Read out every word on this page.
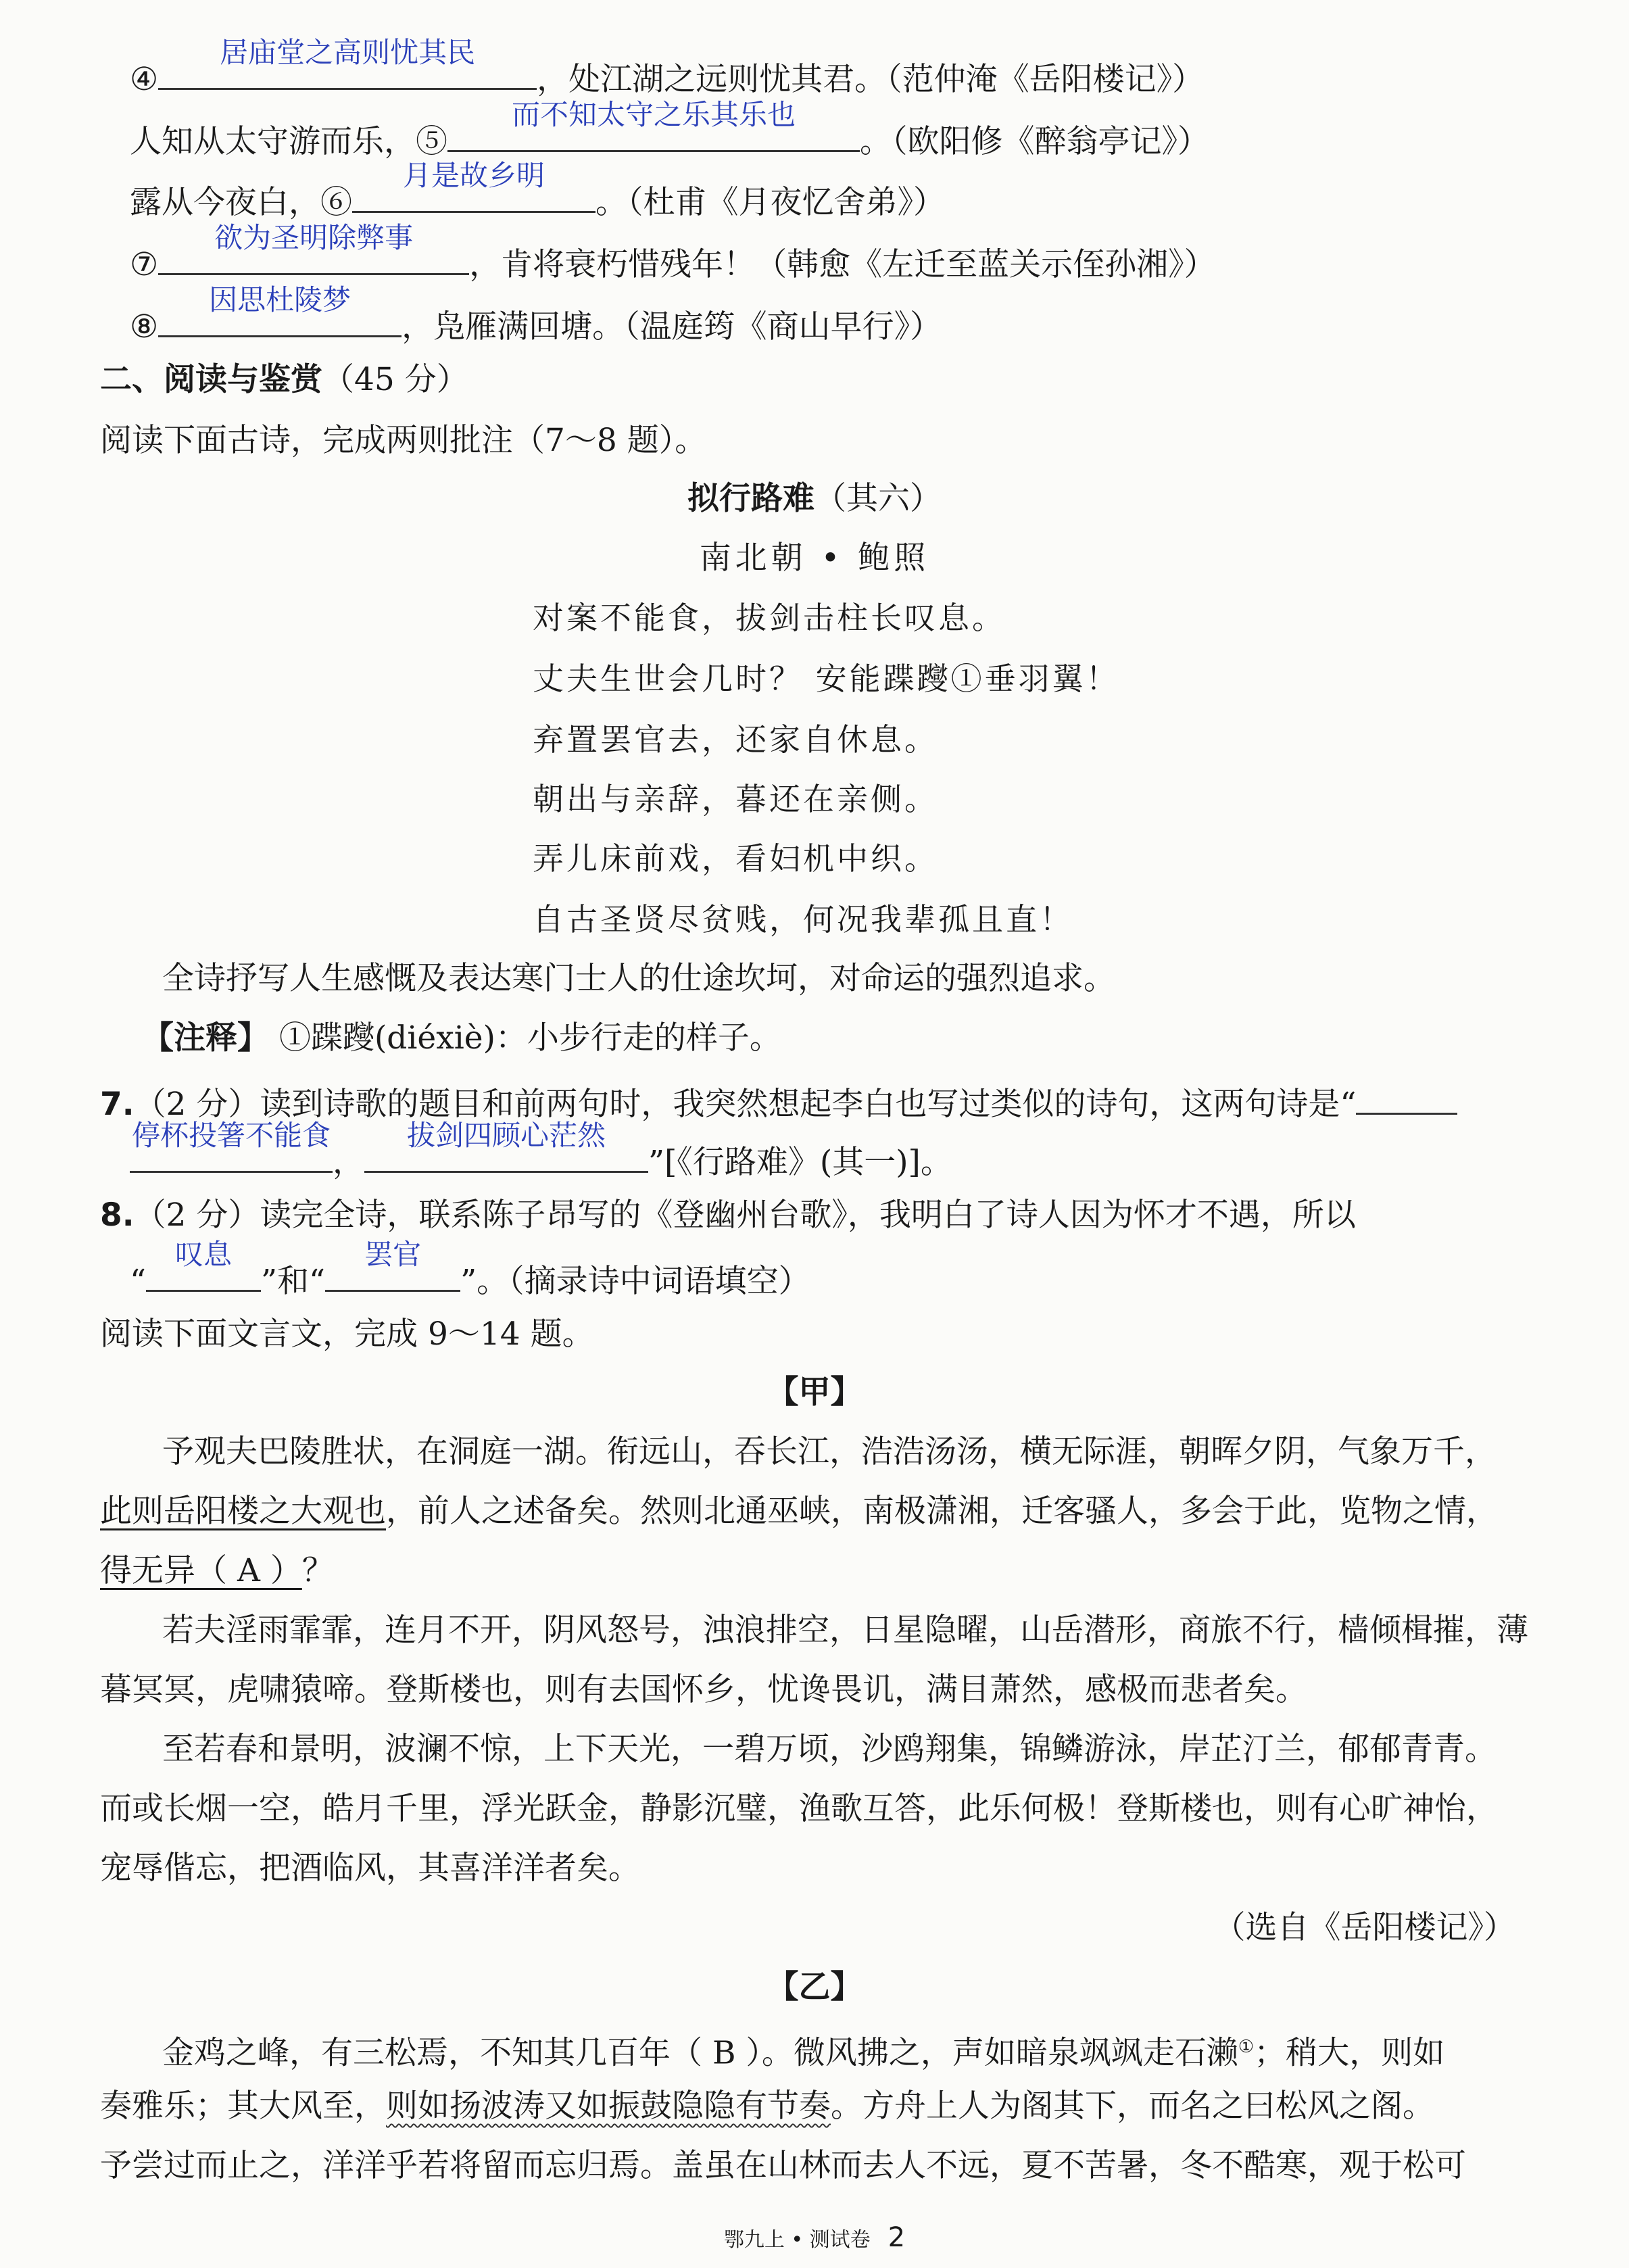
④
居庙堂之高则忧其民
，处江湖之远则忧其君。（范仲淹《岳阳楼记》）
人知从太守游而乐，⑤
而不知太守之乐其乐也
。（欧阳修《醉翁亭记》）
露从今夜白，⑥
月是故乡明
。（杜甫《月夜忆舍弟》）
⑦
欲为圣明除弊事
，肯将衰朽惜残年！（韩愈《左迁至蓝关示侄孙湘》）
⑧
因思杜陵梦
，凫雁满回塘。（温庭筠《商山早行》）
二、阅读与鉴赏（45 分）
阅读下面古诗，完成两则批注（7～8 题）。
拟行路难（其六）
南北朝 • 鲍照
对案不能食，拔剑击柱长叹息。
丈夫生世会几时？ 安能蹀躞①垂羽翼！
弃置罢官去，还家自休息。
朝出与亲辞，暮还在亲侧。
弄儿床前戏，看妇机中织。
自古圣贤尽贫贱，何况我辈孤且直！
全诗抒写人生感慨及表达寒门士人的仕途坎坷，对命运的强烈追求。
【注释】 ①蹀躞(diéxiè)：小步行走的样子。
7.（2 分）读到诗歌的题目和前两句时，我突然想起李白也写过类似的诗句，这两句诗是“
停杯投箸不能食
，
拔剑四顾心茫然
”[《行路难》(其一)]。
8.（2 分）读完全诗，联系陈子昂写的《登幽州台歌》，我明白了诗人因为怀才不遇，所以
“
叹息
”和“
罢官
”。（摘录诗中词语填空）
阅读下面文言文，完成 9～14 题。
【甲】
予观夫巴陵胜状，在洞庭一湖。衔远山，吞长江，浩浩汤汤，横无际涯，朝晖夕阴，气象万千，
此则岳阳楼之大观也，前人之述备矣。然则北通巫峡，南极潇湘，迁客骚人，多会于此，览物之情，
得无异（ A ）？
若夫淫雨霏霏，连月不开，阴风怒号，浊浪排空，日星隐曜，山岳潜形，商旅不行，樯倾楫摧，薄
暮冥冥，虎啸猿啼。登斯楼也，则有去国怀乡，忧谗畏讥，满目萧然，感极而悲者矣。
至若春和景明，波澜不惊，上下天光，一碧万顷，沙鸥翔集，锦鳞游泳，岸芷汀兰，郁郁青青。
而或长烟一空，皓月千里，浮光跃金，静影沉璧，渔歌互答，此乐何极！登斯楼也，则有心旷神怡，
宠辱偕忘，把酒临风，其喜洋洋者矣。
（选自《岳阳楼记》）
【乙】
金鸡之峰，有三松焉，不知其几百年（ B ）。微风拂之，声如暗泉飒飒走石濑①；稍大，则如
奏雅乐；其大风至，则如扬波涛又如振鼓隐隐有节奏。方舟上人为阁其下，而名之曰松风之阁。
予尝过而止之，洋洋乎若将留而忘归焉。盖虽在山林而去人不远，夏不苦暑，冬不酷寒，观于松可
鄂九上 • 测试卷 2
